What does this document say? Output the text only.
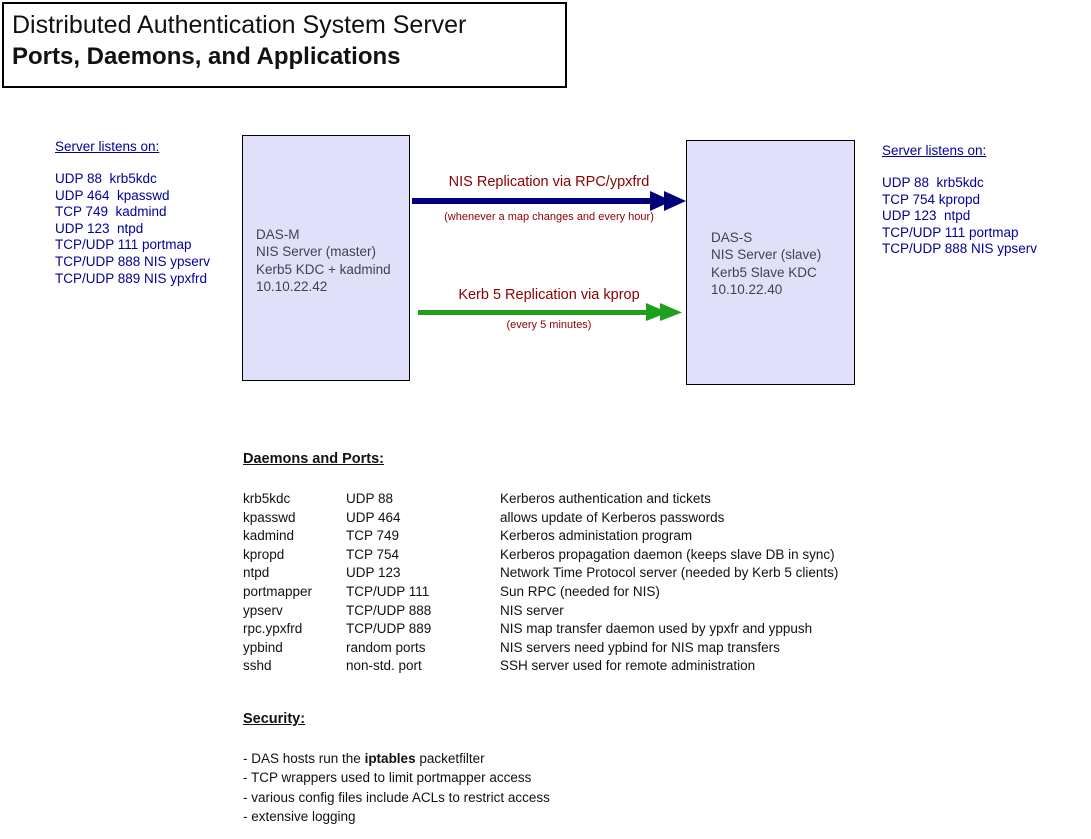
Distributed Authentication System Server
Ports, Daemons, and Applications
Server listens on:
UDP 88  krb5kdc
UDP 464  kpasswd
TCP 749  kadmind
UDP 123  ntpd
TCP/UDP 111 portmap
TCP/UDP 888 NIS ypserv
TCP/UDP 889 NIS ypxfrd
DAS-M
NIS Server (master)
Kerb5 KDC + kadmind
10.10.22.42
NIS Replication via RPC/ypxfrd
(whenever a map changes and every hour)
Kerb 5 Replication via kprop
(every 5 minutes)
DAS-S
NIS Server (slave)
Kerb5 Slave KDC
10.10.22.40
Server listens on:
UDP 88  krb5kdc
TCP 754 kpropd
UDP 123  ntpd
TCP/UDP 111 portmap
TCP/UDP 888 NIS ypserv
Daemons and Ports:
krb5kdc	UDP 88	Kerberos authentication and tickets
kpasswd	UDP 464	allows update of Kerberos passwords
kadmind	TCP 749	Kerberos administation program
kpropd	TCP 754	Kerberos propagation daemon (keeps slave DB in sync)
ntpd	UDP 123	Network Time Protocol server (needed by Kerb 5 clients)
portmapper	TCP/UDP 111	Sun RPC (needed for NIS)
ypserv	TCP/UDP 888	NIS server
rpc.ypxfrd	TCP/UDP 889	NIS map transfer daemon used by ypxfr and yppush
ypbind	random ports	NIS servers need ypbind for NIS map transfers
sshd	non-std. port	SSH server used for remote administration
Security:
- DAS hosts run the iptables packetfilter
- TCP wrappers used to limit portmapper access
- various config files include ACLs to restrict access
- extensive logging
